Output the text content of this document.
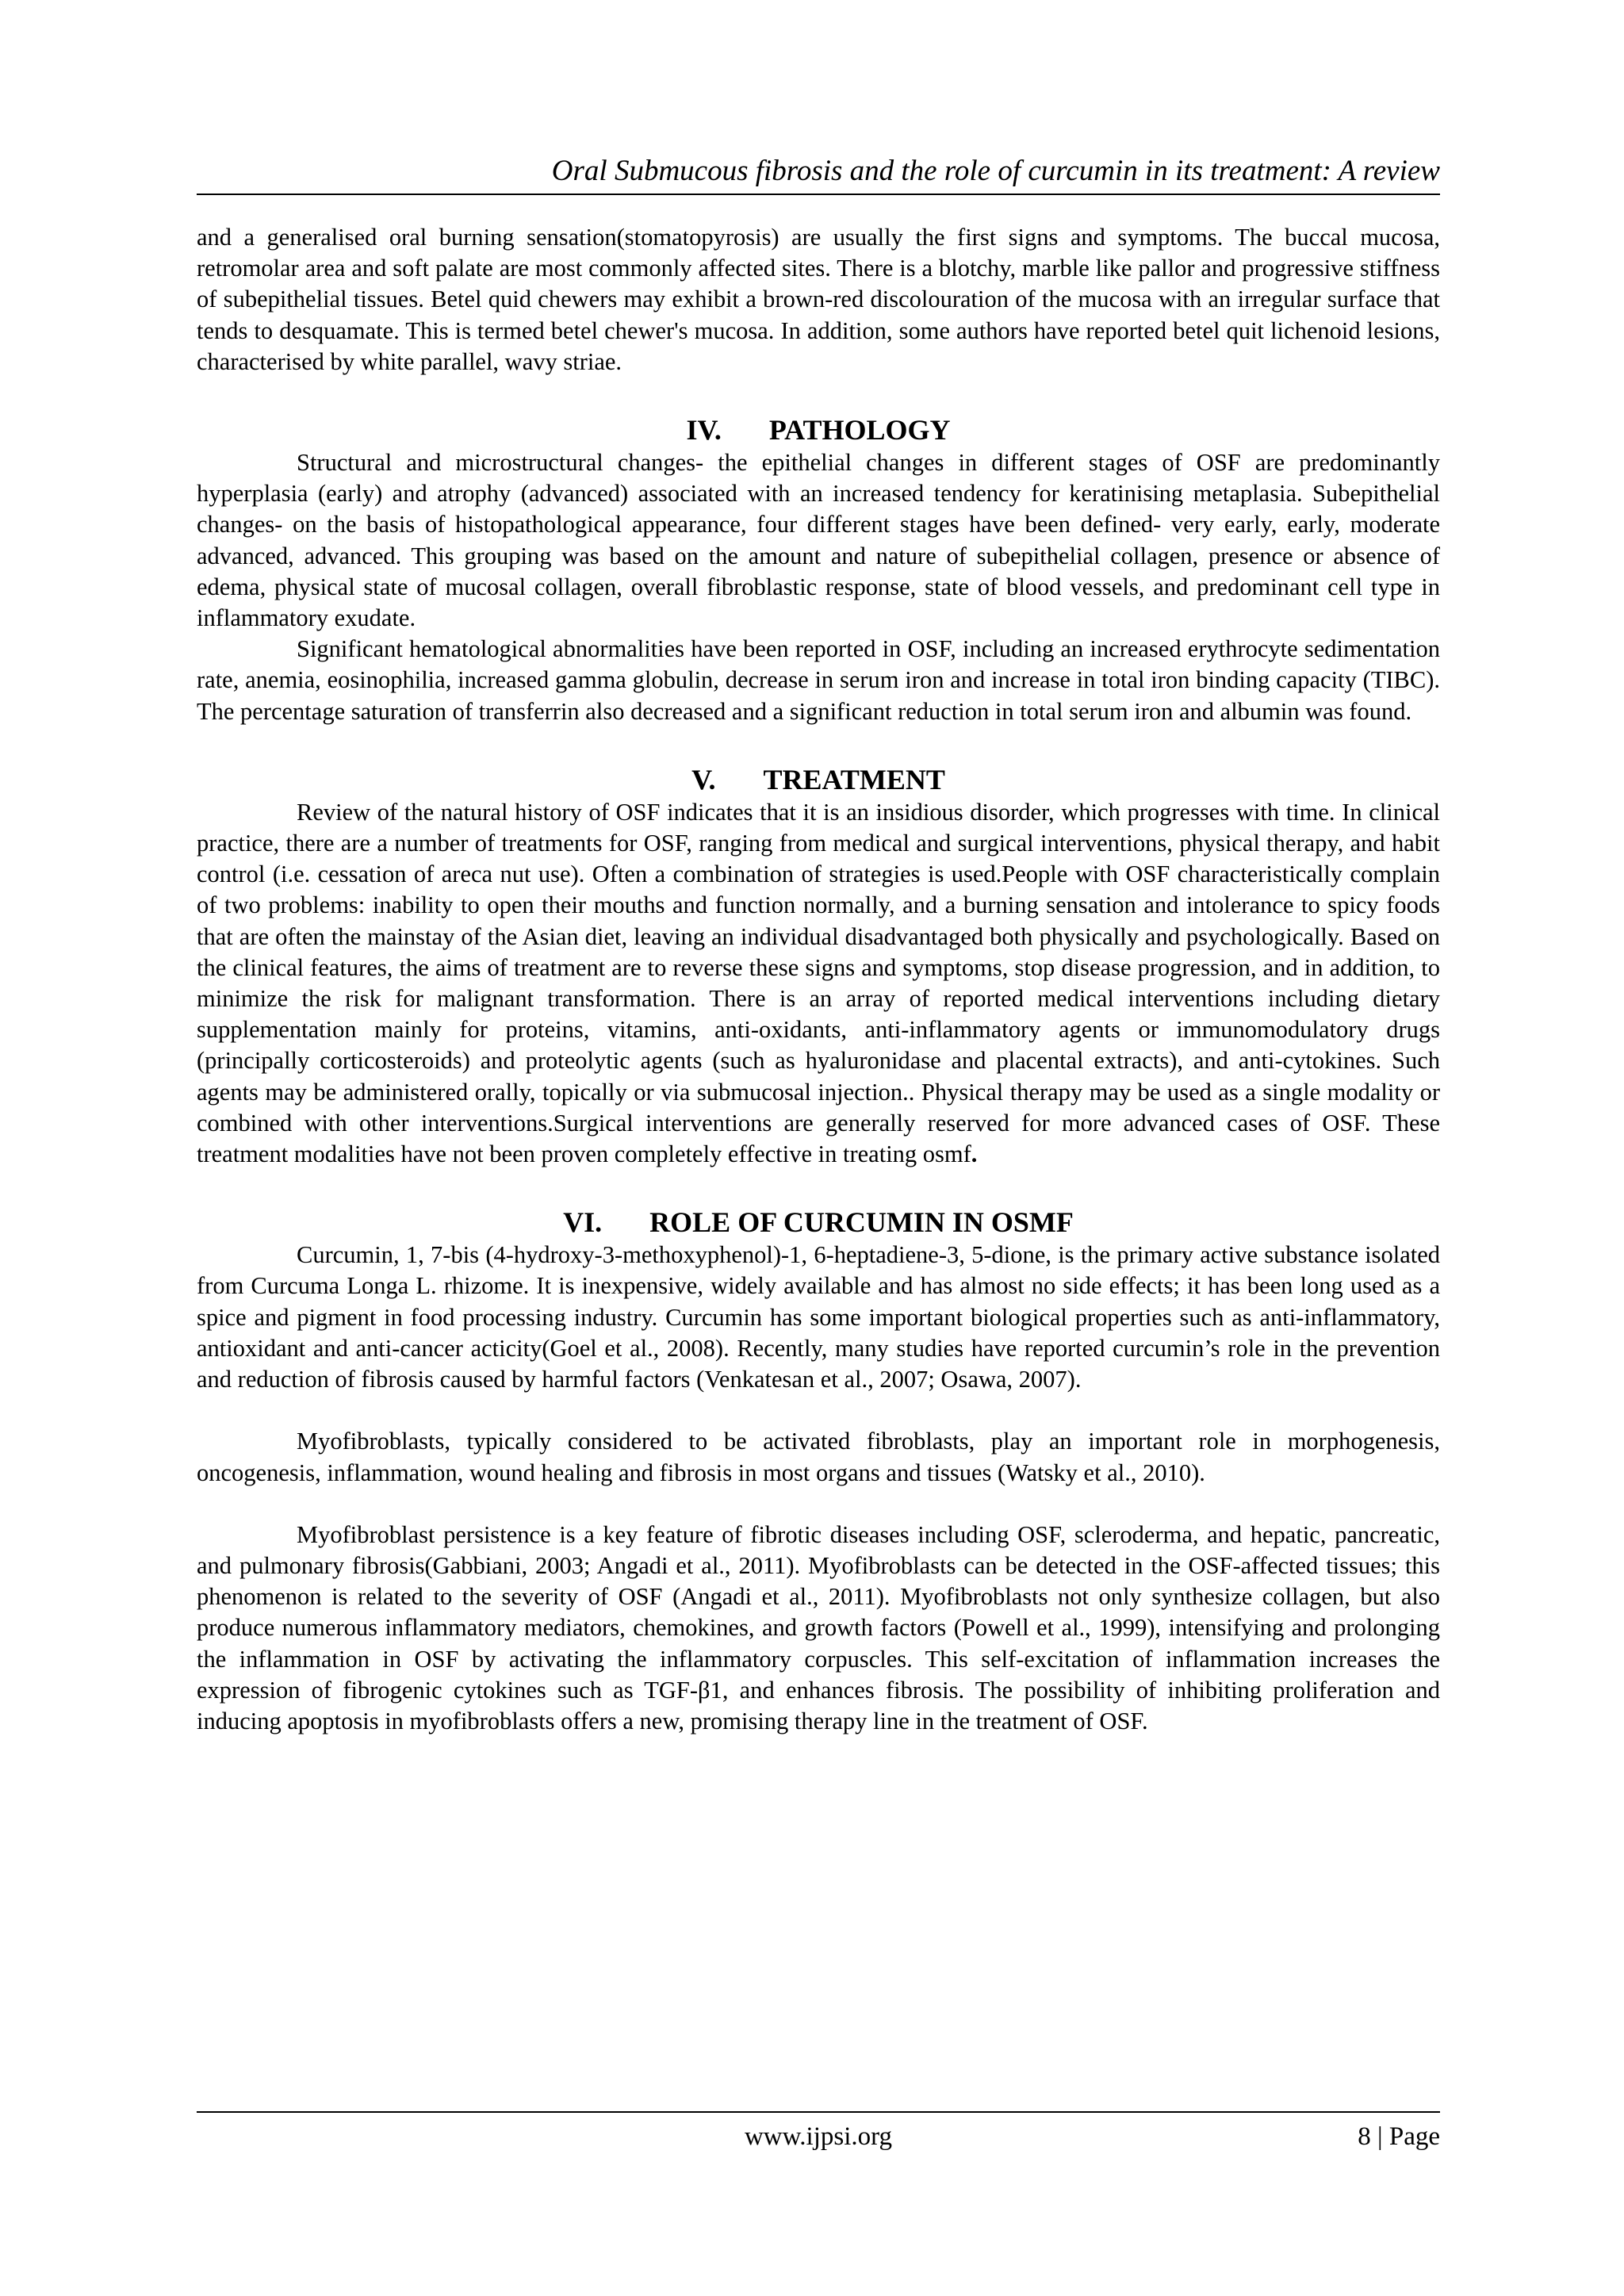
Oral Submucous fibrosis and the role of curcumin in its treatment: A review

and a generalised oral burning sensation(stomatopyrosis) are usually the first signs and symptoms. The buccal mucosa, retromolar area and soft palate are most commonly affected sites. There is a blotchy, marble like pallor and progressive stiffness of subepithelial tissues. Betel quid chewers may exhibit a brown-red discolouration of the mucosa with an irregular surface that tends to desquamate. This is termed betel chewer's mucosa. In addition, some authors have reported betel quit lichenoid lesions, characterised by white parallel, wavy striae.

IV. PATHOLOGY

Structural and microstructural changes- the epithelial changes in different stages of OSF are predominantly hyperplasia (early) and atrophy (advanced) associated with an increased tendency for keratinising metaplasia. Subepithelial changes- on the basis of histopathological appearance, four different stages have been defined- very early, early, moderate advanced, advanced. This grouping was based on the amount and nature of subepithelial collagen, presence or absence of edema, physical state of mucosal collagen, overall fibroblastic response, state of blood vessels, and predominant cell type in inflammatory exudate.

Significant hematological abnormalities have been reported in OSF, including an increased erythrocyte sedimentation rate, anemia, eosinophilia, increased gamma globulin, decrease in serum iron and increase in total iron binding capacity (TIBC). The percentage saturation of transferrin also decreased and a significant reduction in total serum iron and albumin was found.

V. TREATMENT

Review of the natural history of OSF indicates that it is an insidious disorder, which progresses with time. In clinical practice, there are a number of treatments for OSF, ranging from medical and surgical interventions, physical therapy, and habit control (i.e. cessation of areca nut use). Often a combination of strategies is used.People with OSF characteristically complain of two problems: inability to open their mouths and function normally, and a burning sensation and intolerance to spicy foods that are often the mainstay of the Asian diet, leaving an individual disadvantaged both physically and psychologically. Based on the clinical features, the aims of treatment are to reverse these signs and symptoms, stop disease progression, and in addition, to minimize the risk for malignant transformation. There is an array of reported medical interventions including dietary supplementation mainly for proteins, vitamins, anti-oxidants, anti-inflammatory agents or immunomodulatory drugs (principally corticosteroids) and proteolytic agents (such as hyaluronidase and placental extracts), and anti-cytokines. Such agents may be administered orally, topically or via submucosal injection.. Physical therapy may be used as a single modality or combined with other interventions.Surgical interventions are generally reserved for more advanced cases of OSF. These treatment modalities have not been proven completely effective in treating osmf.

VI. ROLE OF CURCUMIN IN OSMF

Curcumin, 1, 7-bis (4-hydroxy-3-methoxyphenol)-1, 6-heptadiene-3, 5-dione, is the primary active substance isolated from Curcuma Longa L. rhizome. It is inexpensive, widely available and has almost no side effects; it has been long used as a spice and pigment in food processing industry. Curcumin has some important biological properties such as anti-inflammatory, antioxidant and anti-cancer acticity(Goel et al., 2008). Recently, many studies have reported curcumin’s role in the prevention and reduction of fibrosis caused by harmful factors (Venkatesan et al., 2007; Osawa, 2007).

Myofibroblasts, typically considered to be activated fibroblasts, play an important role in morphogenesis, oncogenesis, inflammation, wound healing and fibrosis in most organs and tissues (Watsky et al., 2010).

Myofibroblast persistence is a key feature of fibrotic diseases including OSF, scleroderma, and hepatic, pancreatic, and pulmonary fibrosis(Gabbiani, 2003; Angadi et al., 2011). Myofibroblasts can be detected in the OSF-affected tissues; this phenomenon is related to the severity of OSF (Angadi et al., 2011). Myofibroblasts not only synthesize collagen, but also produce numerous inflammatory mediators, chemokines, and growth factors (Powell et al., 1999), intensifying and prolonging the inflammation in OSF by activating the inflammatory corpuscles. This self-excitation of inflammation increases the expression of fibrogenic cytokines such as TGF-β1, and enhances fibrosis. The possibility of inhibiting proliferation and inducing apoptosis in myofibroblasts offers a new, promising therapy line in the treatment of OSF.

www.ijpsi.org	8 | Page
